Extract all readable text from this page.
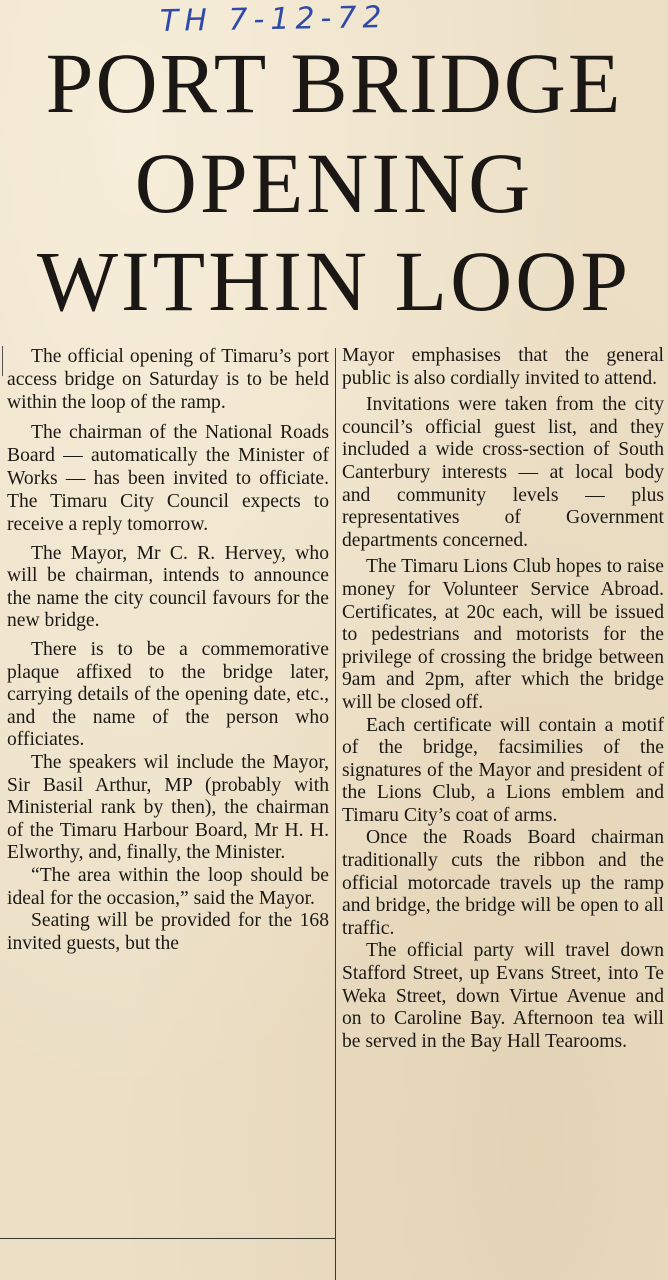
TH 7-12-72
PORT BRIDGE
OPENING
WITHIN LOOP

The official opening of Timaru’s port access bridge on Saturday is to be held within the loop of the ramp.

The chairman of the National Roads Board — automatically the Minister of Works — has been invited to officiate. The Timaru City Council expects to receive a reply tomorrow.

The Mayor, Mr C. R. Hervey, who will be chairman, intends to announce the name the city council favours for the new bridge.

There is to be a commemorative plaque affixed to the bridge later, carrying details of the opening date, etc., and the name of the person who officiates.

The speakers wil include the Mayor, Sir Basil Arthur, MP (probably with Ministerial rank by then), the chairman of the Timaru Harbour Board, Mr H. H. Elworthy, and, finally, the Minister.

“The area within the loop should be ideal for the occasion,” said the Mayor.

Seating will be provided for the 168 invited guests, but the

Mayor emphasises that the general public is also cordially invited to attend.

Invitations were taken from the city council’s official guest list, and they included a wide cross-section of South Canterbury interests — at local body and community levels — plus representatives of Government departments concerned.

The Timaru Lions Club hopes to raise money for Volunteer Service Abroad. Certificates, at 20c each, will be issued to pedestrians and motorists for the privilege of crossing the bridge between 9am and 2pm, after which the bridge will be closed off.

Each certificate will contain a motif of the bridge, facsimilies of the signatures of the Mayor and president of the Lions Club, a Lions emblem and Timaru City’s coat of arms.

Once the Roads Board chairman traditionally cuts the ribbon and the official motorcade travels up the ramp and bridge, the bridge will be open to all traffic.

The official party will travel down Stafford Street, up Evans Street, into Te Weka Street, down Virtue Avenue and on to Caroline Bay. Afternoon tea will be served in the Bay Hall Tearooms.
